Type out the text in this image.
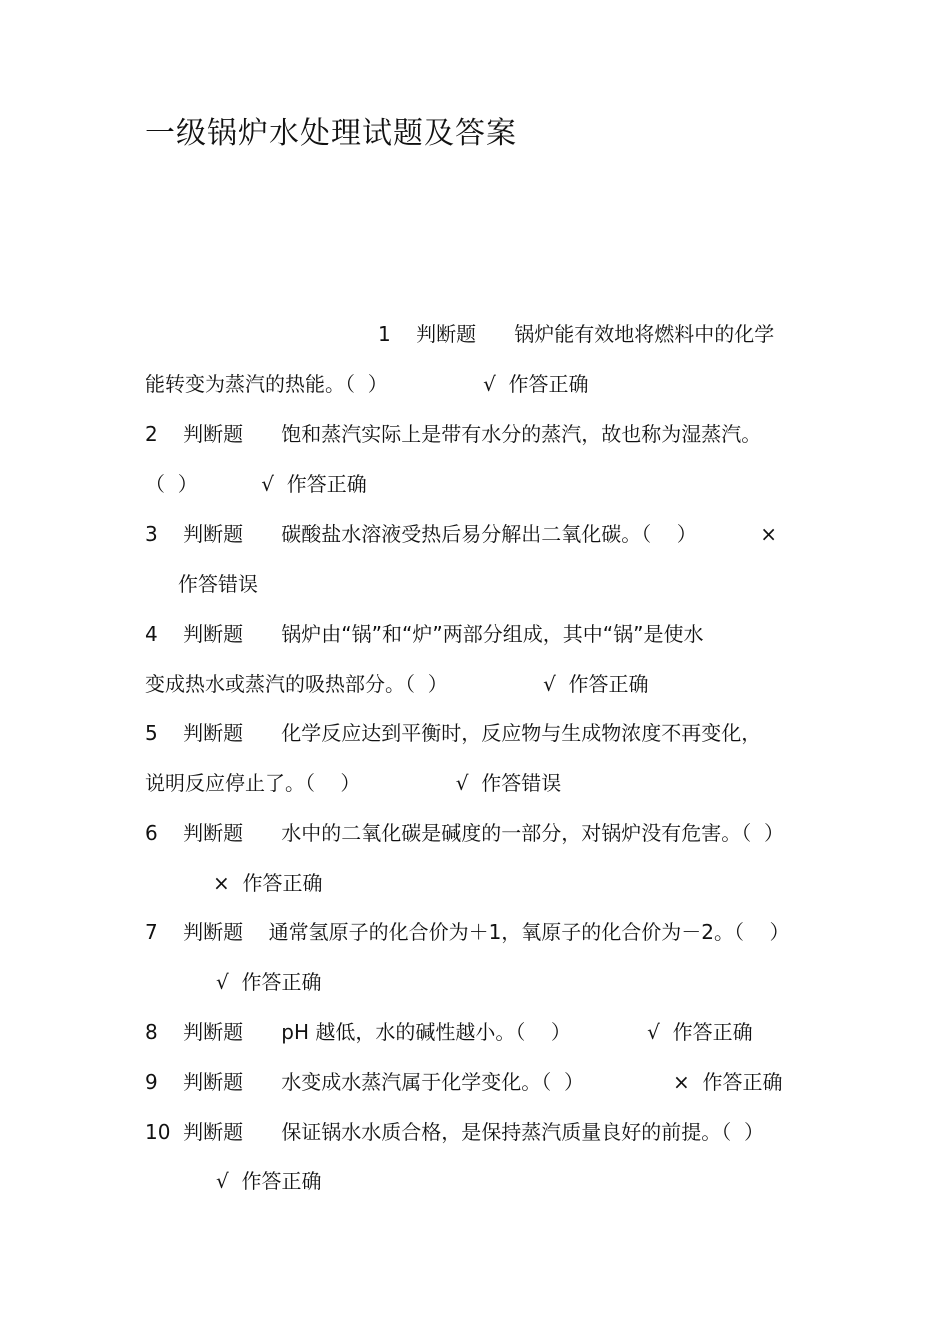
一级锅炉水处理试题及答案
1    判断题      锅炉能有效地将燃料中的化学
能转变为蒸汽的热能。（  ）               √  作答正确
2    判断题      饱和蒸汽实际上是带有水分的蒸汽，故也称为湿蒸汽。
（  ）          √  作答正确
3    判断题      碳酸盐水溶液受热后易分解出二氧化碳。（    ）          ×
作答错误
4    判断题      锅炉由“锅”和“炉”两部分组成，其中“锅”是使水
变成热水或蒸汽的吸热部分。（  ）               √  作答正确
5    判断题      化学反应达到平衡时，反应物与生成物浓度不再变化，
说明反应停止了。（    ）               √  作答错误
6    判断题      水中的二氧化碳是碱度的一部分，对锅炉没有危害。（  ）
×  作答正确
7    判断题    通常氢原子的化合价为＋1，氧原子的化合价为－2。（    ）
√  作答正确
8    判断题      pH 越低，水的碱性越小。（    ）            √  作答正确
9    判断题      水变成水蒸汽属于化学变化。（  ）              ×  作答正确
10  判断题      保证锅水水质合格，是保持蒸汽质量良好的前提。（  ）
√  作答正确
